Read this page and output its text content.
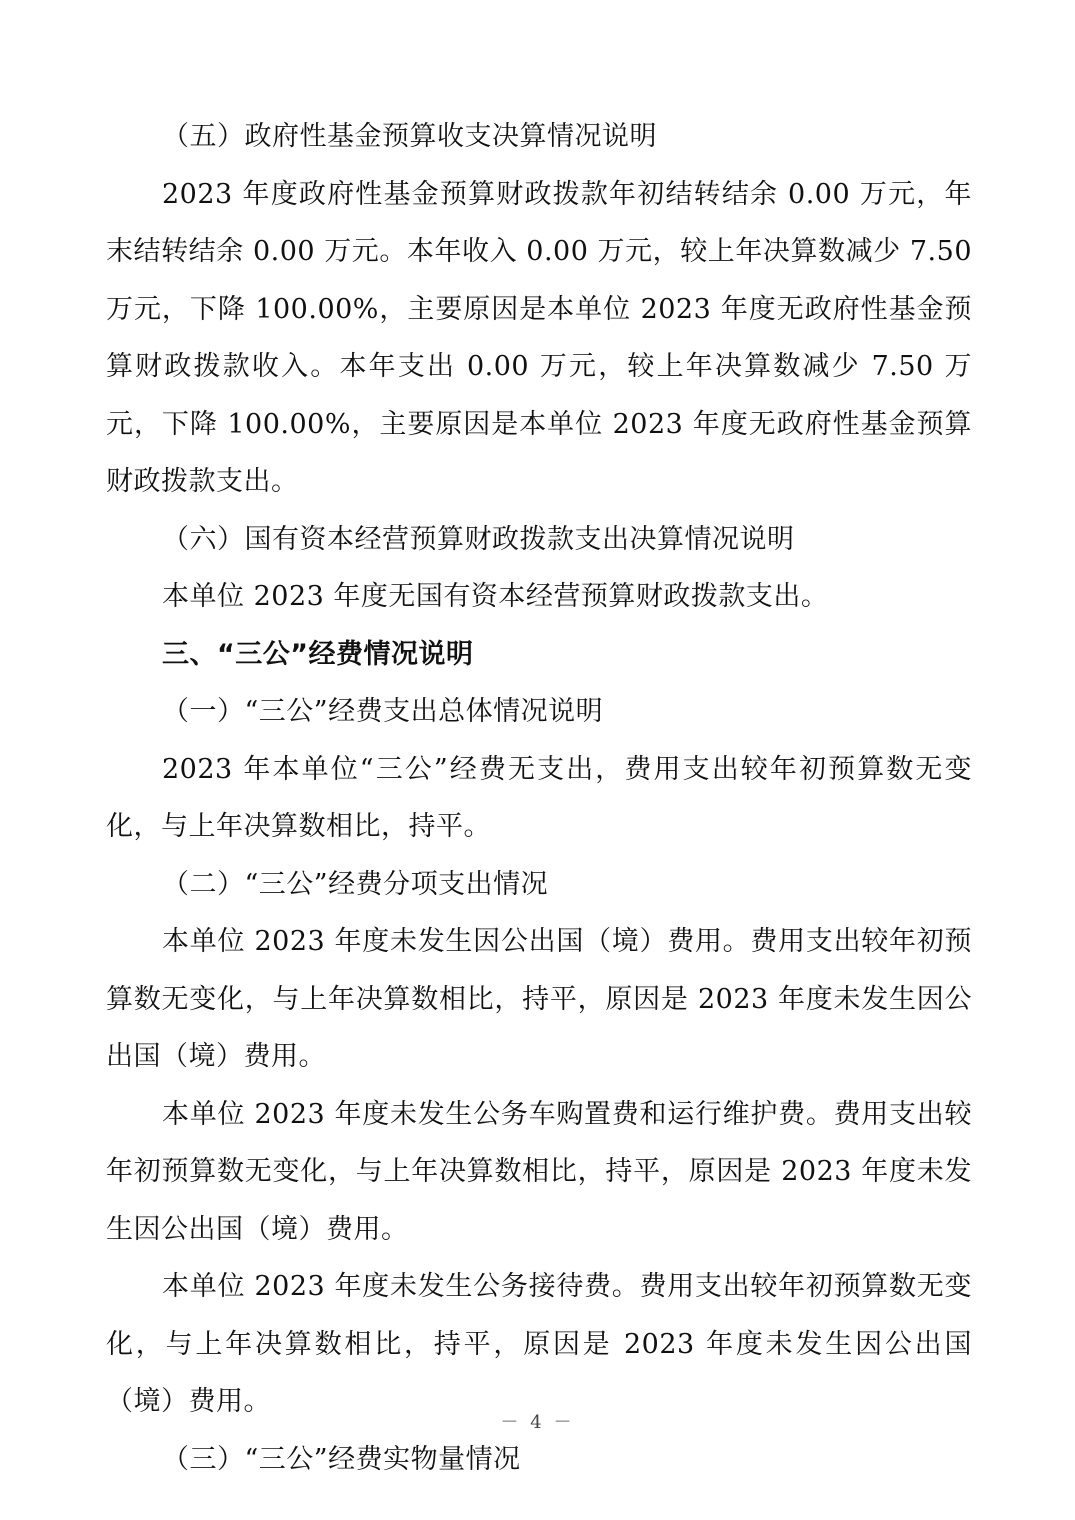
（五）政府性基金预算收支决算情况说明

2023 年度政府性基金预算财政拨款年初结转结余 0.00 万元，年末结转结余 0.00 万元。本年收入 0.00 万元，较上年决算数减少 7.50 万元，下降 100.00%，主要原因是本单位 2023 年度无政府性基金预算财政拨款收入。本年支出 0.00 万元，较上年决算数减少 7.50 万元，下降 100.00%，主要原因是本单位 2023 年度无政府性基金预算财政拨款支出。

（六）国有资本经营预算财政拨款支出决算情况说明

本单位 2023 年度无国有资本经营预算财政拨款支出。

三、“三公”经费情况说明

（一）“三公”经费支出总体情况说明

2023 年本单位“三公”经费无支出，费用支出较年初预算数无变化，与上年决算数相比，持平。

（二）“三公”经费分项支出情况

本单位 2023 年度未发生因公出国（境）费用。费用支出较年初预算数无变化，与上年决算数相比，持平，原因是 2023 年度未发生因公出国（境）费用。

本单位 2023 年度未发生公务车购置费和运行维护费。费用支出较年初预算数无变化，与上年决算数相比，持平，原因是 2023 年度未发生因公出国（境）费用。

本单位 2023 年度未发生公务接待费。费用支出较年初预算数无变化，与上年决算数相比，持平，原因是 2023 年度未发生因公出国（境）费用。

（三）“三公”经费实物量情况

－ 4 －
